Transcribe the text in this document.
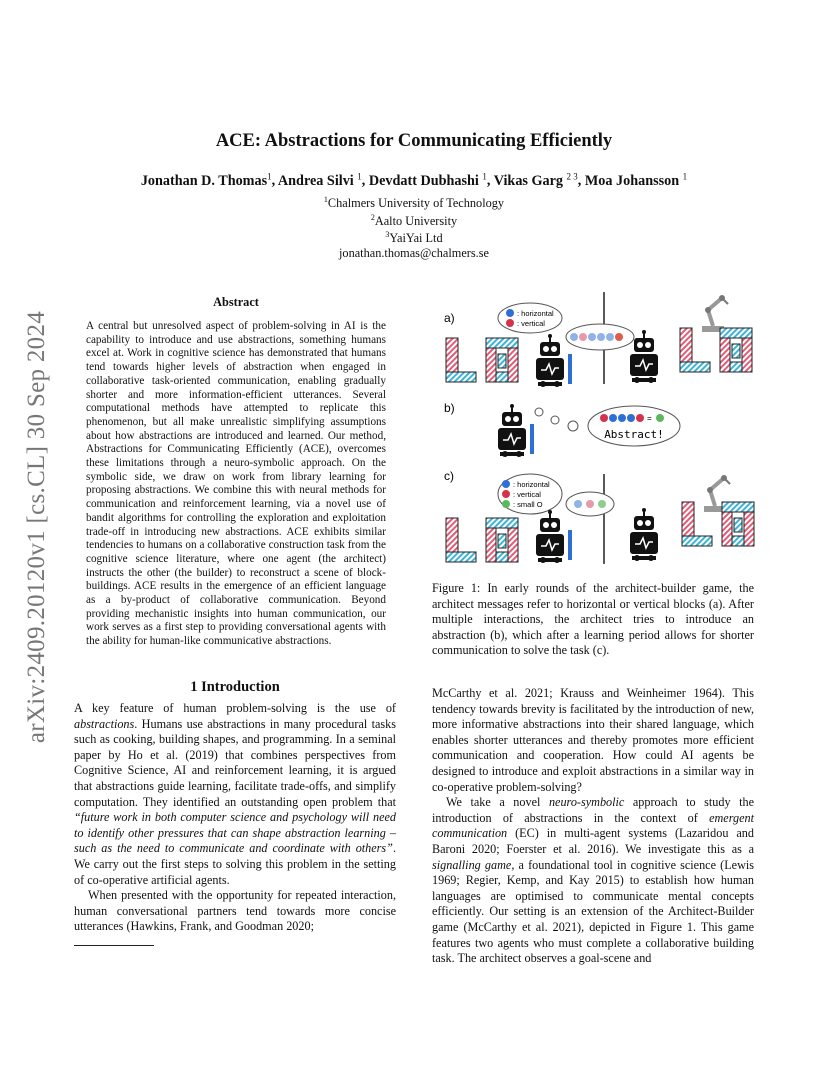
arXiv:2409.20120v1 [cs.CL] 30 Sep 2024
ACE: Abstractions for Communicating Efficiently
Jonathan D. Thomas$^1$, Andrea Silvi $^1$, Devdatt Dubhashi $^1$, Vikas Garg $^{2 3}$, Moa Johansson $^1$
$^1$Chalmers University of Technology
$^2$Aalto University
$^3$YaiYai Ltd
jonathan.thomas@chalmers.se
Abstract
A central but unresolved aspect of problem-solving in AI is the capability to introduce and use abstractions, something humans excel at. Work in cognitive science has demonstrated that humans tend towards higher levels of abstraction when engaged in collaborative task-oriented communication, enabling gradually shorter and more information-efficient utterances. Several computational methods have attempted to replicate this phenomenon, but all make unrealistic simplifying assumptions about how abstractions are introduced and learned. Our method, Abstractions for Communicating Efficiently (ACE), overcomes these limitations through a neuro-symbolic approach. On the symbolic side, we draw on work from library learning for proposing abstractions. We combine this with neural methods for communication and reinforcement learning, via a novel use of bandit algorithms for controlling the exploration and exploitation trade-off in introducing new abstractions. ACE exhibits similar tendencies to humans on a collaborative construction task from the cognitive science literature, where one agent (the architect) instructs the other (the builder) to reconstruct a scene of block-buildings. ACE results in the emergence of an efficient language as a by-product of collaborative communication. Beyond providing mechanistic insights into human communication, our work serves as a first step to providing conversational agents with the ability for human-like communicative abstractions.
1 Introduction

A key feature of human problem-solving is the use of abstractions. Humans use abstractions in many procedural tasks such as cooking, building shapes, and programming. In a seminal paper by Ho et al. (2019) that combines perspectives from Cognitive Science, AI and reinforcement learning, it is argued that abstractions guide learning, facilitate trade-offs, and simplify computation. They identified an outstanding open problem that “future work in both computer science and psychology will need to identify other pressures that can shape abstraction learning – such as the need to communicate and coordinate with others”. We carry out the first steps to solving this problem in the setting of co-operative artificial agents.

When presented with the opportunity for repeated interaction, human conversational partners tend towards more concise utterances (Hawkins, Frank, and Goodman 2020;

McCarthy et al. 2021; Krauss and Weinheimer 1964). This tendency towards brevity is facilitated by the introduction of new, more informative abstractions into their shared language, which enables shorter utterances and thereby promotes more efficient communication and cooperation. How could AI agents be designed to introduce and exploit abstractions in a similar way in co-operative problem-solving?

We take a novel neuro-symbolic approach to study the introduction of abstractions in the context of emergent communication (EC) in multi-agent systems (Lazaridou and Baroni 2020; Foerster et al. 2016). We investigate this as a signalling game, a foundational tool in cognitive science (Lewis 1969; Regier, Kemp, and Kay 2015) to establish how human languages are optimised to communicate mental concepts efficiently. Our setting is an extension of the Architect-Builder game (McCarthy et al. 2021), depicted in Figure 1. This game features two agents who must complete a collaborative building task. The architect observes a goal-scene and

a)	: horizontal
: vertical
b)
=
Abstract!
c)
: horizontal
: vertical
: small O
Figure 1: In early rounds of the architect-builder game, the architect messages refer to horizontal or vertical blocks (a). After multiple interactions, the architect tries to introduce an abstraction (b), which after a learning period allows for shorter communication to solve the task (c).
